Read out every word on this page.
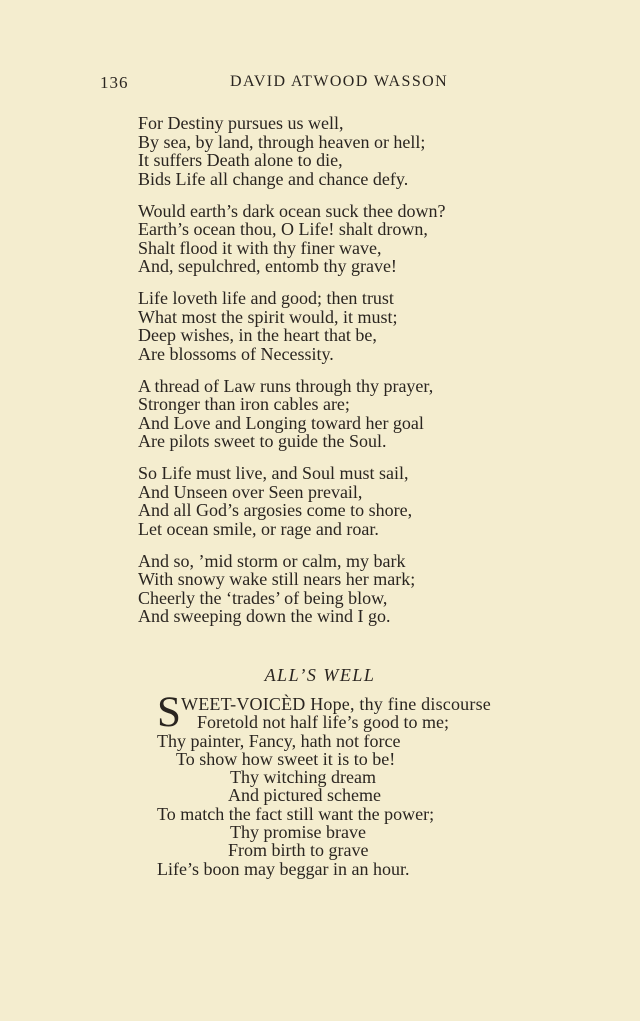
136	DAVID ATWOOD WASSON
For Destiny pursues us well,
By sea, by land, through heaven or hell;
It suffers Death alone to die,
Bids Life all change and chance defy.
Would earth’s dark ocean suck thee down?
Earth’s ocean thou, O Life! shalt drown,
Shalt flood it with thy finer wave,
And, sepulchred, entomb thy grave!
Life loveth life and good; then trust
What most the spirit would, it must;
Deep wishes, in the heart that be,
Are blossoms of Necessity.
A thread of Law runs through thy prayer,
Stronger than iron cables are;
And Love and Longing toward her goal
Are pilots sweet to guide the Soul.
So Life must live, and Soul must sail,
And Unseen over Seen prevail,
And all God’s argosies come to shore,
Let ocean smile, or rage and roar.
And so, ’mid storm or calm, my bark
With snowy wake still nears her mark;
Cheerly the ‘trades’ of being blow,
And sweeping down the wind I go.
ALL’S WELL
S WEET-VOICÈD Hope, thy fine discourse
Foretold not half life’s good to me;
Thy painter, Fancy, hath not force
To show how sweet it is to be!
Thy witching dream
And pictured scheme
To match the fact still want the power;
Thy promise brave
From birth to grave
Life’s boon may beggar in an hour.
